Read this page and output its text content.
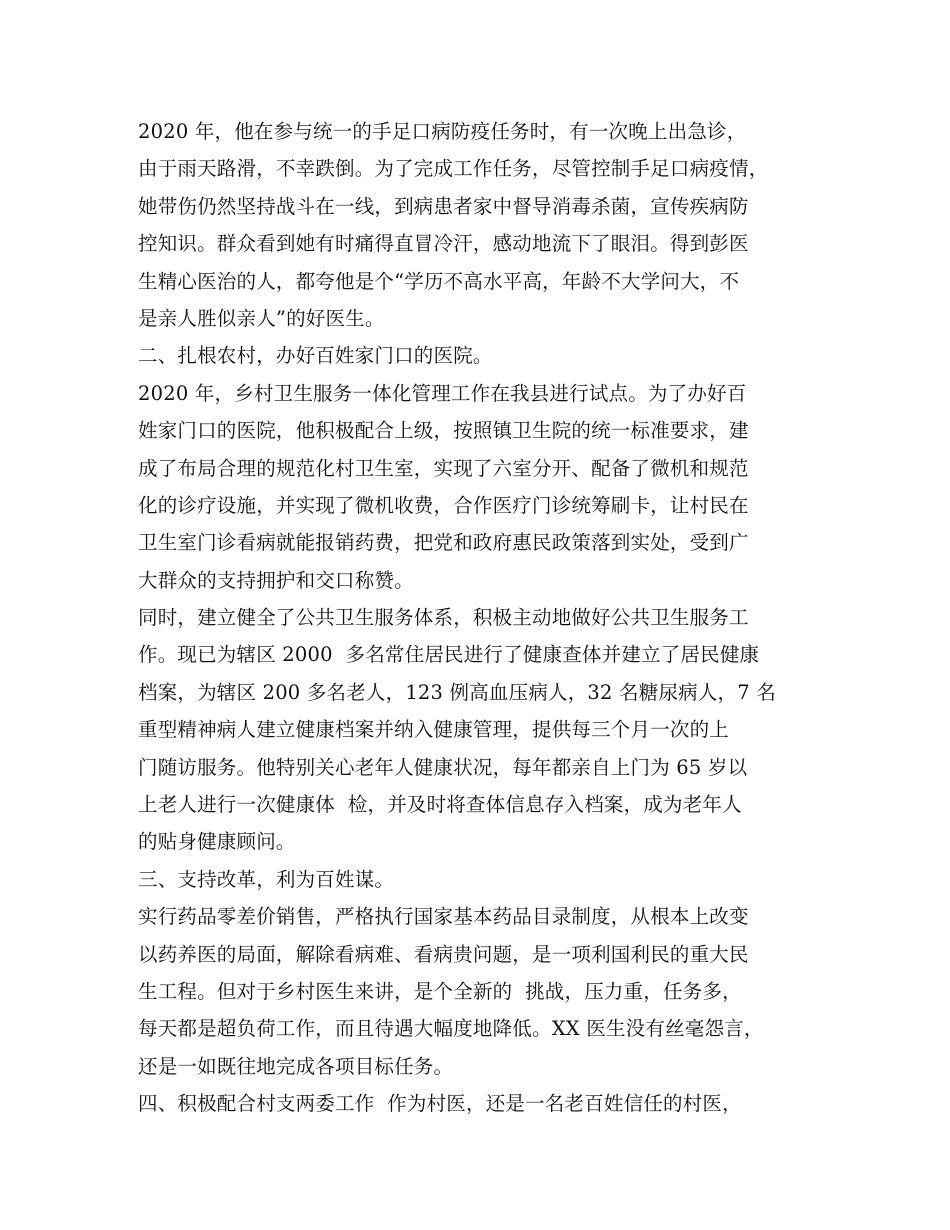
2020 年，他在参与统一的手足口病防疫任务时，有一次晚上出急诊，
由于雨天路滑，不幸跌倒。为了完成工作任务，尽管控制手足口病疫情，
她带伤仍然坚持战斗在一线，到病患者家中督导消毒杀菌，宣传疾病防
控知识。群众看到她有时痛得直冒冷汗，感动地流下了眼泪。得到彭医
生精心医治的人，都夸他是个“学历不高水平高，年龄不大学问大，不
是亲人胜似亲人”的好医生。
二、扎根农村，办好百姓家门口的医院。
2020 年，乡村卫生服务一体化管理工作在我县进行试点。为了办好百
姓家门口的医院，他积极配合上级，按照镇卫生院的统一标准要求，建
成了布局合理的规范化村卫生室，实现了六室分开、配备了微机和规范
化的诊疗设施，并实现了微机收费，合作医疗门诊统筹刷卡，让村民在
卫生室门诊看病就能报销药费，把党和政府惠民政策落到实处，受到广
大群众的支持拥护和交口称赞。
同时，建立健全了公共卫生服务体系，积极主动地做好公共卫生服务工
作。现已为辖区 2000  多名常住居民进行了健康查体并建立了居民健康
档案，为辖区 200 多名老人，123 例高血压病人，32 名糖尿病人，7 名
重型精神病人建立健康档案并纳入健康管理，提供每三个月一次的上
门随访服务。他特别关心老年人健康状况，每年都亲自上门为 65 岁以
上老人进行一次健康体  检，并及时将查体信息存入档案，成为老年人
的贴身健康顾问。
三、支持改革，利为百姓谋。
实行药品零差价销售，严格执行国家基本药品目录制度，从根本上改变
以药养医的局面，解除看病难、看病贵问题，是一项利国利民的重大民
生工程。但对于乡村医生来讲，是个全新的  挑战，压力重，任务多，
每天都是超负荷工作，而且待遇大幅度地降低。XX 医生没有丝毫怨言，
还是一如既往地完成各项目标任务。
四、积极配合村支两委工作  作为村医，还是一名老百姓信任的村医，
